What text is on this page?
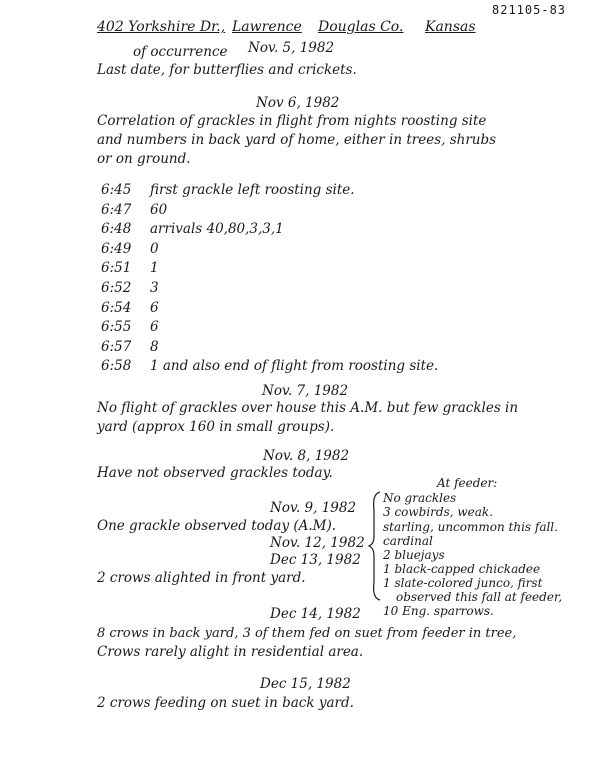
821105-83
402 Yorkshire Dr., Lawrence Douglas Co. Kansas
of occurrence Nov. 5, 1982
Last date, for butterflies and crickets.
Nov 6, 1982
Correlation of grackles in flight from nights roosting site
and numbers in back yard of home, either in trees, shrubs
or on ground.
6:45 first grackle left roosting site.
6:47 60
6:48 arrivals 40,80,3,3,1
6:49 0
6:51 1
6:52 3
6:54 6
6:55 6
6:57 8
6:58 1 and also end of flight from roosting site.
Nov. 7, 1982
No flight of grackles over house this A.M. but few grackles in
yard (approx 160 in small groups).
Nov. 8, 1982
Have not observed grackles today.
Nov. 9, 1982
One grackle observed today (A.M).
Nov. 12, 1982
Dec 13, 1982
2 crows alighted in front yard.
At feeder:
No grackles
3 cowbirds, weak.
starling, uncommon this fall.
cardinal
2 bluejays
1 black-capped chickadee
1 slate-colored junco, first
observed this fall at feeder,
10 Eng. sparrows.
Dec 14, 1982
8 crows in back yard, 3 of them fed on suet from feeder in tree,
Crows rarely alight in residential area.
Dec 15, 1982
2 crows feeding on suet in back yard.
